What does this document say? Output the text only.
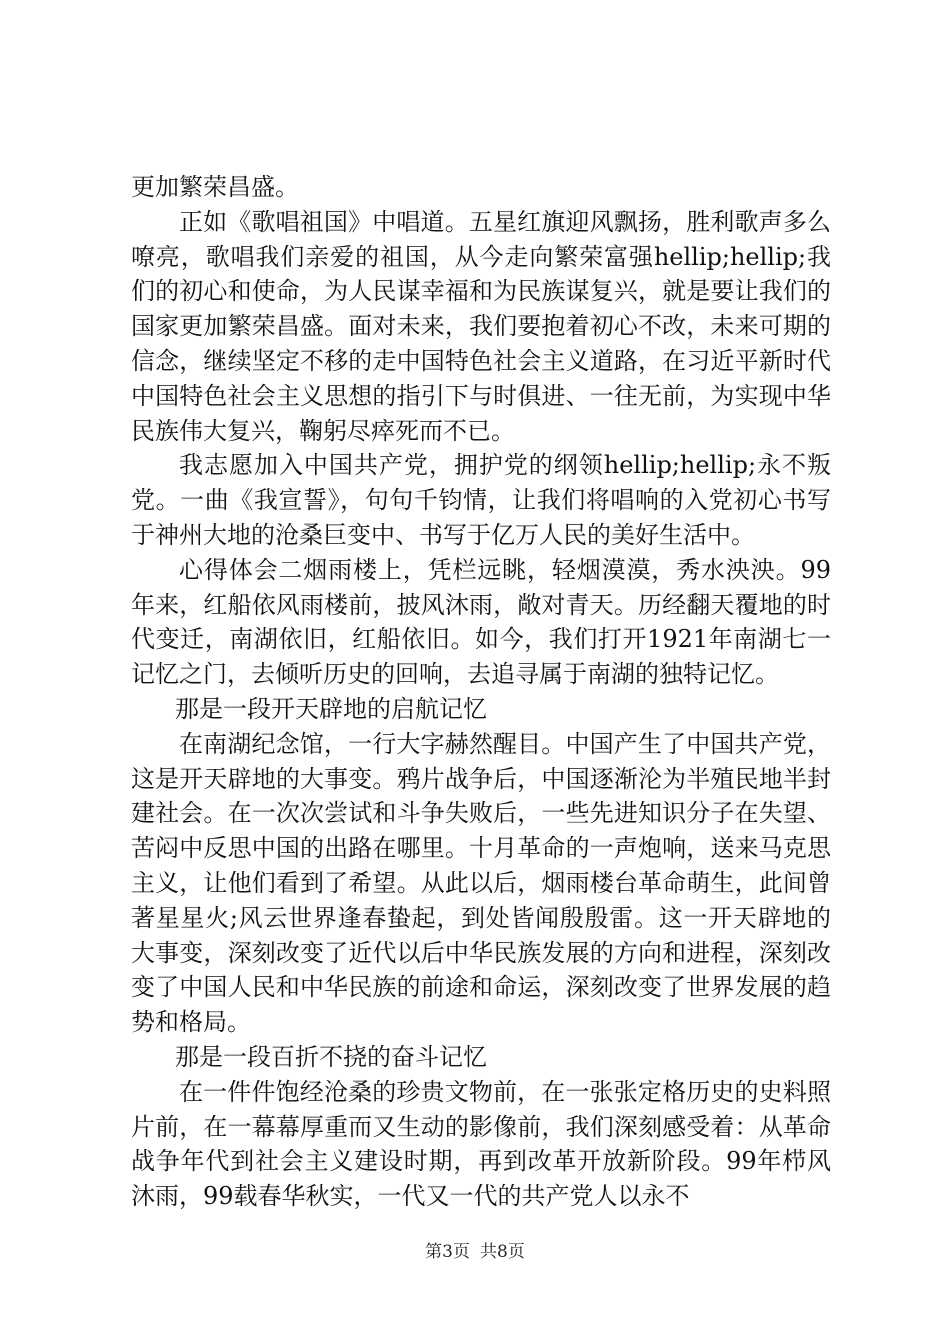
更加繁荣昌盛。

正如《歌唱祖国》中唱道。五星红旗迎风飘扬，胜利歌声多么嘹亮，歌唱我们亲爱的祖国，从今走向繁荣富强hellip;hellip;我们的初心和使命，为人民谋幸福和为民族谋复兴，就是要让我们的国家更加繁荣昌盛。面对未来，我们要抱着初心不改，未来可期的信念，继续坚定不移的走中国特色社会主义道路，在习近平新时代中国特色社会主义思想的指引下与时俱进、一往无前，为实现中华民族伟大复兴，鞠躬尽瘁死而不已。

我志愿加入中国共产党，拥护党的纲领hellip;hellip;永不叛党。一曲《我宣誓》，句句千钧情，让我们将唱响的入党初心书写于神州大地的沧桑巨变中、书写于亿万人民的美好生活中。

心得体会二烟雨楼上，凭栏远眺，轻烟漠漠，秀水泱泱。99年来，红船依风雨楼前，披风沐雨，敞对青天。历经翻天覆地的时代变迁，南湖依旧，红船依旧。如今，我们打开1921年南湖七一记忆之门，去倾听历史的回响，去追寻属于南湖的独特记忆。

那是一段开天辟地的启航记忆

在南湖纪念馆，一行大字赫然醒目。中国产生了中国共产党，这是开天辟地的大事变。鸦片战争后，中国逐渐沦为半殖民地半封建社会。在一次次尝试和斗争失败后，一些先进知识分子在失望、苦闷中反思中国的出路在哪里。十月革命的一声炮响，送来马克思主义，让他们看到了希望。从此以后，烟雨楼台革命萌生，此间曾著星星火;风云世界逢春蛰起，到处皆闻殷殷雷。这一开天辟地的大事变，深刻改变了近代以后中华民族发展的方向和进程，深刻改变了中国人民和中华民族的前途和命运，深刻改变了世界发展的趋势和格局。

那是一段百折不挠的奋斗记忆

在一件件饱经沧桑的珍贵文物前，在一张张定格历史的史料照片前，在一幕幕厚重而又生动的影像前，我们深刻感受着：从革命战争年代到社会主义建设时期，再到改革开放新阶段。99年栉风沐雨，99载春华秋实，一代又一代的共产党人以永不

第3页 共8页
